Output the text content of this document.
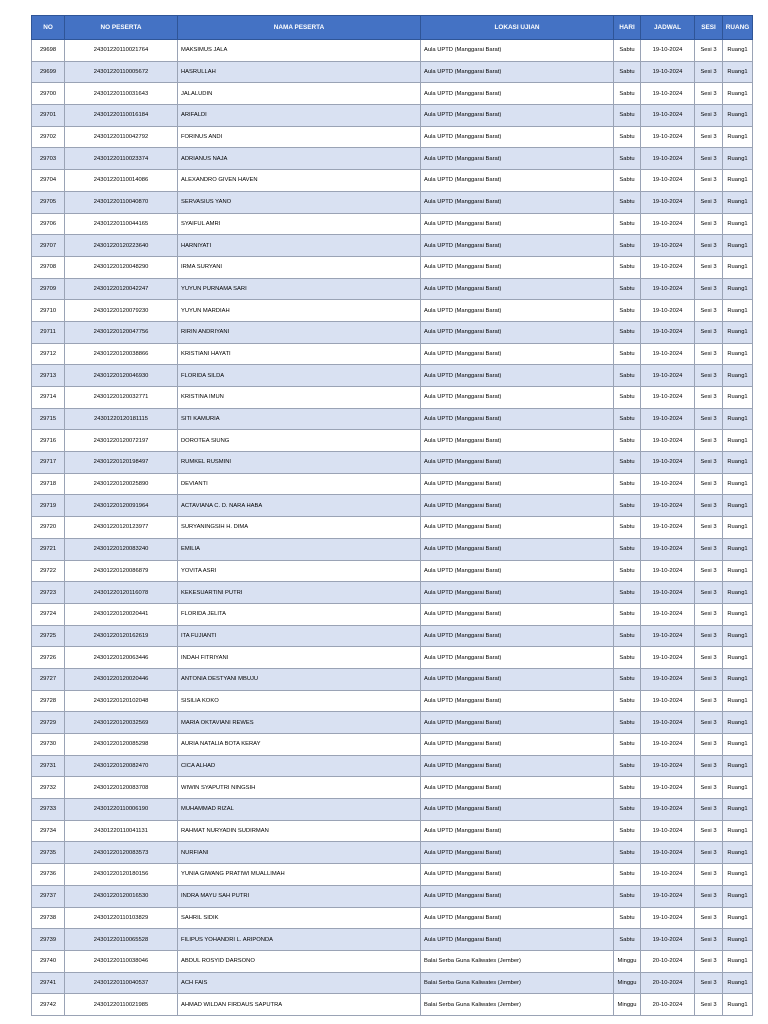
NO	NO PESERTA	NAMA PESERTA	LOKASI UJIAN	HARI	JADWAL	SESI	RUANG
29698	24301220110021764	MAKSIMUS JALA	Aula UPTD (Manggarai Barat)	Sabtu	19-10-2024	Sesi 3	Ruang1
29699	24301220110005672	HASRULLAH	Aula UPTD (Manggarai Barat)	Sabtu	19-10-2024	Sesi 3	Ruang1
29700	24301220110031643	JALALUDIN	Aula UPTD (Manggarai Barat)	Sabtu	19-10-2024	Sesi 3	Ruang1
29701	24301220110016184	ARIFALDI	Aula UPTD (Manggarai Barat)	Sabtu	19-10-2024	Sesi 3	Ruang1
29702	24301220110042792	FORINUS ANDI	Aula UPTD (Manggarai Barat)	Sabtu	19-10-2024	Sesi 3	Ruang1
29703	24301220110023374	ADRIANUS NAJA	Aula UPTD (Manggarai Barat)	Sabtu	19-10-2024	Sesi 3	Ruang1
29704	24301220110014086	ALEXANDRO GIVEN HAVEN	Aula UPTD (Manggarai Barat)	Sabtu	19-10-2024	Sesi 3	Ruang1
29705	24301220110040870	SERVASIUS YANO	Aula UPTD (Manggarai Barat)	Sabtu	19-10-2024	Sesi 3	Ruang1
29706	24301220110044165	SYAIFUL AMRI	Aula UPTD (Manggarai Barat)	Sabtu	19-10-2024	Sesi 3	Ruang1
29707	24301220120223640	HARNIYATI	Aula UPTD (Manggarai Barat)	Sabtu	19-10-2024	Sesi 3	Ruang1
29708	24301220120048290	IRMA SURYANI	Aula UPTD (Manggarai Barat)	Sabtu	19-10-2024	Sesi 3	Ruang1
29709	24301220120042247	YUYUN PURNAMA SARI	Aula UPTD (Manggarai Barat)	Sabtu	19-10-2024	Sesi 3	Ruang1
29710	24301220120079230	YUYUN MARDIAH	Aula UPTD (Manggarai Barat)	Sabtu	19-10-2024	Sesi 3	Ruang1
29711	24301220120047756	RIRIN ANDRIYANI	Aula UPTD (Manggarai Barat)	Sabtu	19-10-2024	Sesi 3	Ruang1
29712	24301220120038866	KRISTIANI HAYATI	Aula UPTD (Manggarai Barat)	Sabtu	19-10-2024	Sesi 3	Ruang1
29713	24301220120046930	FLORIDA SILDA	Aula UPTD (Manggarai Barat)	Sabtu	19-10-2024	Sesi 3	Ruang1
29714	24301220120032771	KRISTINA IMUN	Aula UPTD (Manggarai Barat)	Sabtu	19-10-2024	Sesi 3	Ruang1
29715	24301220120181115	SITI KAMURIA	Aula UPTD (Manggarai Barat)	Sabtu	19-10-2024	Sesi 3	Ruang1
29716	24301220120072197	DOROTEA SIUNG	Aula UPTD (Manggarai Barat)	Sabtu	19-10-2024	Sesi 3	Ruang1
29717	24301220120198497	RUMKEL RUSMINI	Aula UPTD (Manggarai Barat)	Sabtu	19-10-2024	Sesi 3	Ruang1
29718	24301220120025890	DEVIANTI	Aula UPTD (Manggarai Barat)	Sabtu	19-10-2024	Sesi 3	Ruang1
29719	24301220120091964	ACTAVIANA C. D. NARA HABA	Aula UPTD (Manggarai Barat)	Sabtu	19-10-2024	Sesi 3	Ruang1
29720	24301220120123977	SURYANINGSIH H. DIMA	Aula UPTD (Manggarai Barat)	Sabtu	19-10-2024	Sesi 3	Ruang1
29721	24301220120083240	EMILIA	Aula UPTD (Manggarai Barat)	Sabtu	19-10-2024	Sesi 3	Ruang1
29722	24301220120086879	YOVITA ASRI	Aula UPTD (Manggarai Barat)	Sabtu	19-10-2024	Sesi 3	Ruang1
29723	24301220120116078	KEKESUARTINI PUTRI	Aula UPTD (Manggarai Barat)	Sabtu	19-10-2024	Sesi 3	Ruang1
29724	24301220120020441	FLORIDA JELITA	Aula UPTD (Manggarai Barat)	Sabtu	19-10-2024	Sesi 3	Ruang1
29725	24301220120162619	ITA FUJIANTI	Aula UPTD (Manggarai Barat)	Sabtu	19-10-2024	Sesi 3	Ruang1
29726	24301220120063446	INDAH FITRIYANI	Aula UPTD (Manggarai Barat)	Sabtu	19-10-2024	Sesi 3	Ruang1
29727	24301220120020446	ANTONIA DESTYANI MBUJU	Aula UPTD (Manggarai Barat)	Sabtu	19-10-2024	Sesi 3	Ruang1
29728	24301220120102048	SISILIA KOKO	Aula UPTD (Manggarai Barat)	Sabtu	19-10-2024	Sesi 3	Ruang1
29729	24301220120032569	MARIA OKTAVIANI REWES	Aula UPTD (Manggarai Barat)	Sabtu	19-10-2024	Sesi 3	Ruang1
29730	24301220120085298	AURIA NATALIA BOTA KERAY	Aula UPTD (Manggarai Barat)	Sabtu	19-10-2024	Sesi 3	Ruang1
29731	24301220120082470	CICA ALHAD	Aula UPTD (Manggarai Barat)	Sabtu	19-10-2024	Sesi 3	Ruang1
29732	24301220120083708	WIWIN SYAPUTRI NINGSIH	Aula UPTD (Manggarai Barat)	Sabtu	19-10-2024	Sesi 3	Ruang1
29733	24301220110006190	MUHAMMAD RIZAL	Aula UPTD (Manggarai Barat)	Sabtu	19-10-2024	Sesi 3	Ruang1
29734	24301220110041131	RAHMAT NURYADIN SUDIRMAN	Aula UPTD (Manggarai Barat)	Sabtu	19-10-2024	Sesi 3	Ruang1
29735	24301220120083573	NURFIANI	Aula UPTD (Manggarai Barat)	Sabtu	19-10-2024	Sesi 3	Ruang1
29736	24301220120180156	YUNIA GIWANG PRATIWI MUALLIMAH	Aula UPTD (Manggarai Barat)	Sabtu	19-10-2024	Sesi 3	Ruang1
29737	24301220120016530	INDRA MAYU SAH PUTRI	Aula UPTD (Manggarai Barat)	Sabtu	19-10-2024	Sesi 3	Ruang1
29738	24301220110103829	SAHRIL SIDIK	Aula UPTD (Manggarai Barat)	Sabtu	19-10-2024	Sesi 3	Ruang1
29739	24301220110065528	FILIPUS YOHANDRI L. ARIPONDA	Aula UPTD (Manggarai Barat)	Sabtu	19-10-2024	Sesi 3	Ruang1
29740	24301220110038046	ABDUL ROSYID DARSONO	Balai Serba Guna Kaliwates (Jember)	Minggu	20-10-2024	Sesi 3	Ruang1
29741	24301220110040537	ACH FAIS	Balai Serba Guna Kaliwates (Jember)	Minggu	20-10-2024	Sesi 3	Ruang1
29742	24301220110021985	AHMAD WILDAN FIRDAUS SAPUTRA	Balai Serba Guna Kaliwates (Jember)	Minggu	20-10-2024	Sesi 3	Ruang1
